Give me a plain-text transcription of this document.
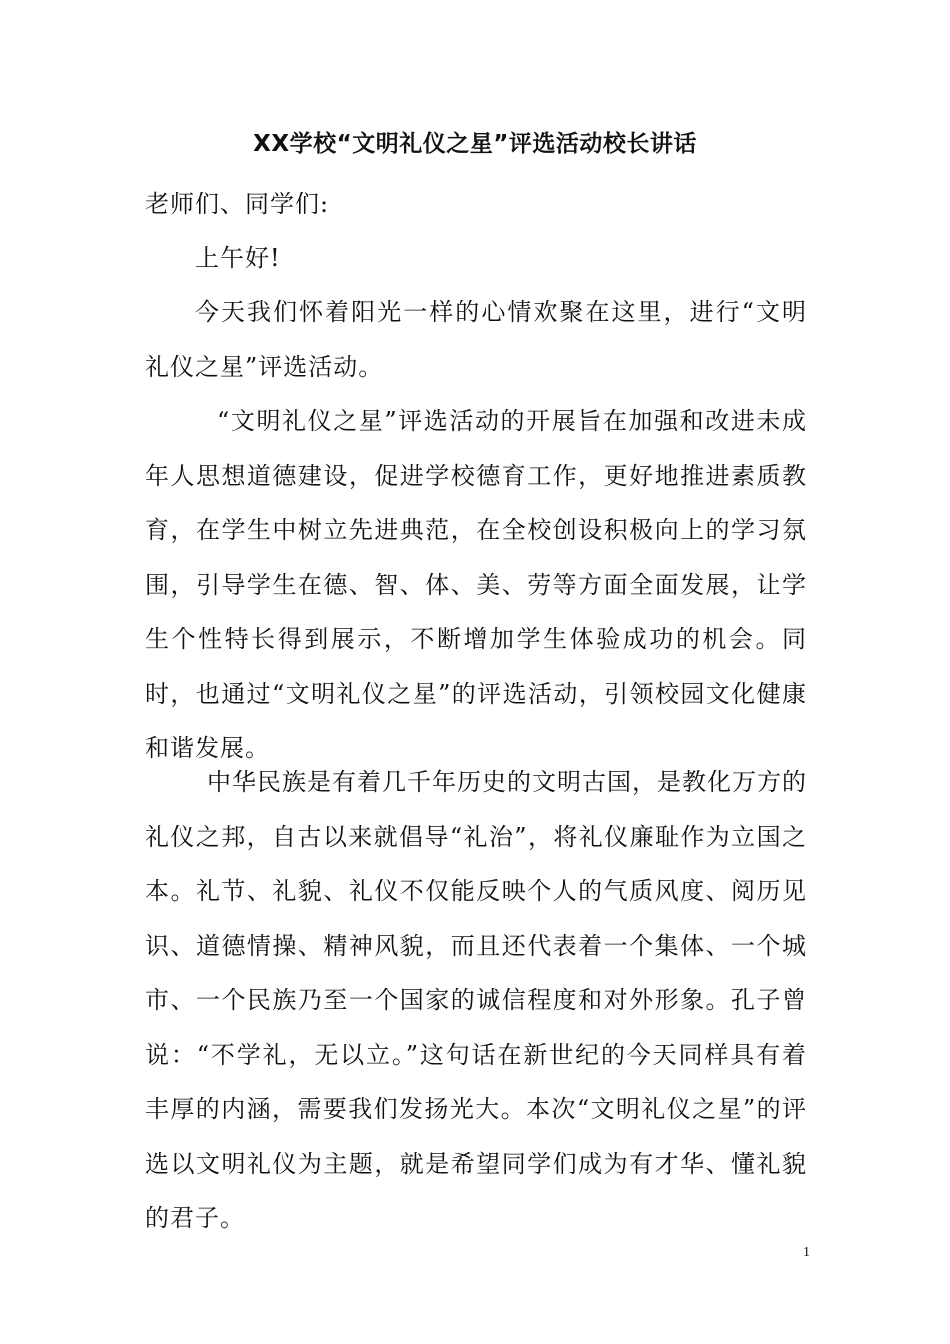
XX学校“文明礼仪之星”评选活动校长讲话

老师们、同学们:

上午好!

今天我们怀着阳光一样的心情欢聚在这里，进行“文明礼仪之星”评选活动。

“文明礼仪之星”评选活动的开展旨在加强和改进未成年人思想道德建设，促进学校德育工作，更好地推进素质教育，在学生中树立先进典范，在全校创设积极向上的学习氛围，引导学生在德、智、体、美、劳等方面全面发展，让学生个性特长得到展示，不断增加学生体验成功的机会。同时，也通过“文明礼仪之星”的评选活动，引领校园文化健康和谐发展。

中华民族是有着几千年历史的文明古国，是教化万方的礼仪之邦，自古以来就倡导“礼治”，将礼仪廉耻作为立国之本。礼节、礼貌、礼仪不仅能反映个人的气质风度、阅历见识、道德情操、精神风貌，而且还代表着一个集体、一个城市、一个民族乃至一个国家的诚信程度和对外形象。孔子曾说：“不学礼，无以立。”这句话在新世纪的今天同样具有着丰厚的内涵，需要我们发扬光大。本次“文明礼仪之星”的评选以文明礼仪为主题，就是希望同学们成为有才华、懂礼貌的君子。

1
